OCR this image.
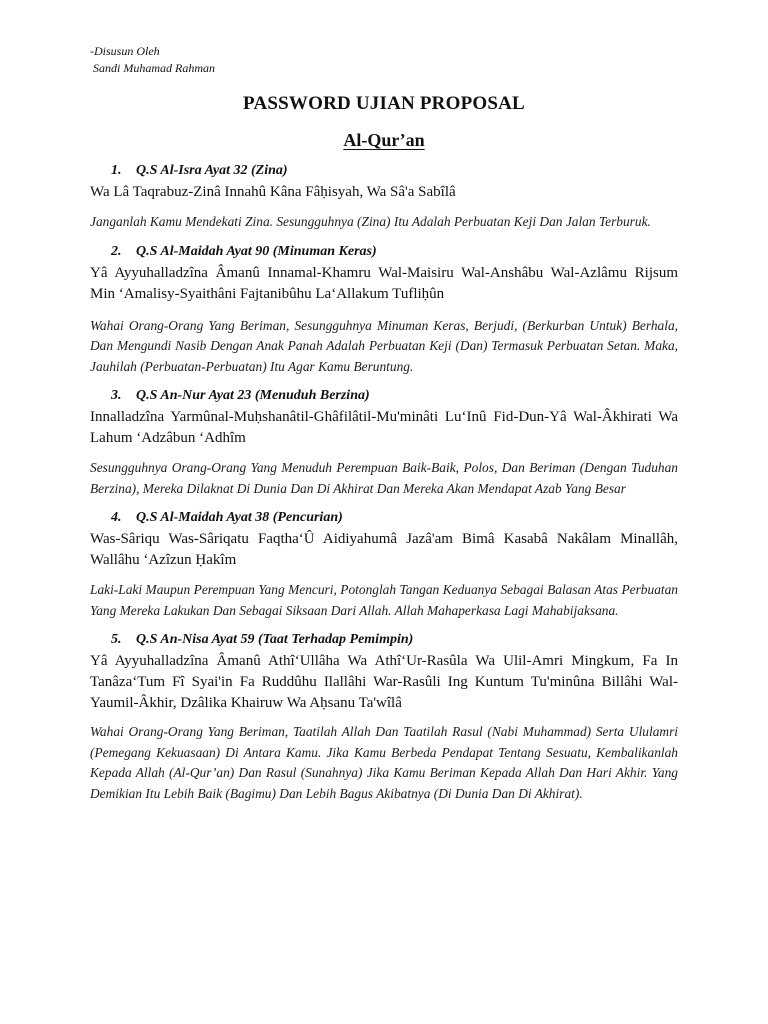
-Disusun Oleh
Sandi Muhamad Rahman
PASSWORD UJIAN PROPOSAL
Al-Qur’an
1. Q.S Al-Isra Ayat 32 (Zina)

Wa Lâ Taqrabuz-Zinâ Innahû Kâna Fâḥisyah, Wa Sâ'a Sabîlâ

Janganlah Kamu Mendekati Zina. Sesungguhnya (Zina) Itu Adalah Perbuatan Keji Dan Jalan Terburuk.

2. Q.S Al-Maidah Ayat 90 (Minuman Keras)

Yâ Ayyuhalladzîna Âmanû Innamal-Khamru Wal-Maisiru Wal-Anshâbu Wal-Azlâmu Rijsum Min ‘Amalisy-Syaithâni Fajtanibûhu La‘Allakum Tufliḥûn

Wahai Orang-Orang Yang Beriman, Sesungguhnya Minuman Keras, Berjudi, (Berkurban Untuk) Berhala, Dan Mengundi Nasib Dengan Anak Panah Adalah Perbuatan Keji (Dan) Termasuk Perbuatan Setan. Maka, Jauhilah (Perbuatan-Perbuatan) Itu Agar Kamu Beruntung.

3. Q.S An-Nur Ayat 23 (Menuduh Berzina)

Innalladzîna Yarmûnal-Muḥshanâtil-Ghâfilâtil-Mu'minâti Lu‘Inû Fid-Dun-Yâ Wal-Âkhirati Wa Lahum ‘Adzâbun ‘Adhîm

Sesungguhnya Orang-Orang Yang Menuduh Perempuan Baik-Baik, Polos, Dan Beriman (Dengan Tuduhan Berzina), Mereka Dilaknat Di Dunia Dan Di Akhirat Dan Mereka Akan Mendapat Azab Yang Besar

4. Q.S Al-Maidah Ayat 38 (Pencurian)

Was-Sâriqu Was-Sâriqatu Faqtha‘Û Aidiyahumâ Jazâ'am Bimâ Kasabâ Nakâlam Minallâh, Wallâhu ‘Azîzun Ḥakîm

Laki-Laki Maupun Perempuan Yang Mencuri, Potonglah Tangan Keduanya Sebagai Balasan Atas Perbuatan Yang Mereka Lakukan Dan Sebagai Siksaan Dari Allah. Allah Mahaperkasa Lagi Mahabijaksana.

5. Q.S An-Nisa Ayat 59 (Taat Terhadap Pemimpin)

Yâ Ayyuhalladzîna Âmanû Athî‘Ullâha Wa Athî‘Ur-Rasûla Wa Ulil-Amri Mingkum, Fa In Tanâza‘Tum Fî Syai'in Fa Ruddûhu Ilallâhi War-Rasûli Ing Kuntum Tu'minûna Billâhi Wal-Yaumil-Âkhir, Dzâlika Khairuw Wa Aḥsanu Ta'wîlâ

Wahai Orang-Orang Yang Beriman, Taatilah Allah Dan Taatilah Rasul (Nabi Muhammad) Serta Ululamri (Pemegang Kekuasaan) Di Antara Kamu. Jika Kamu Berbeda Pendapat Tentang Sesuatu, Kembalikanlah Kepada Allah (Al-Qur’an) Dan Rasul (Sunahnya) Jika Kamu Beriman Kepada Allah Dan Hari Akhir. Yang Demikian Itu Lebih Baik (Bagimu) Dan Lebih Bagus Akibatnya (Di Dunia Dan Di Akhirat).
